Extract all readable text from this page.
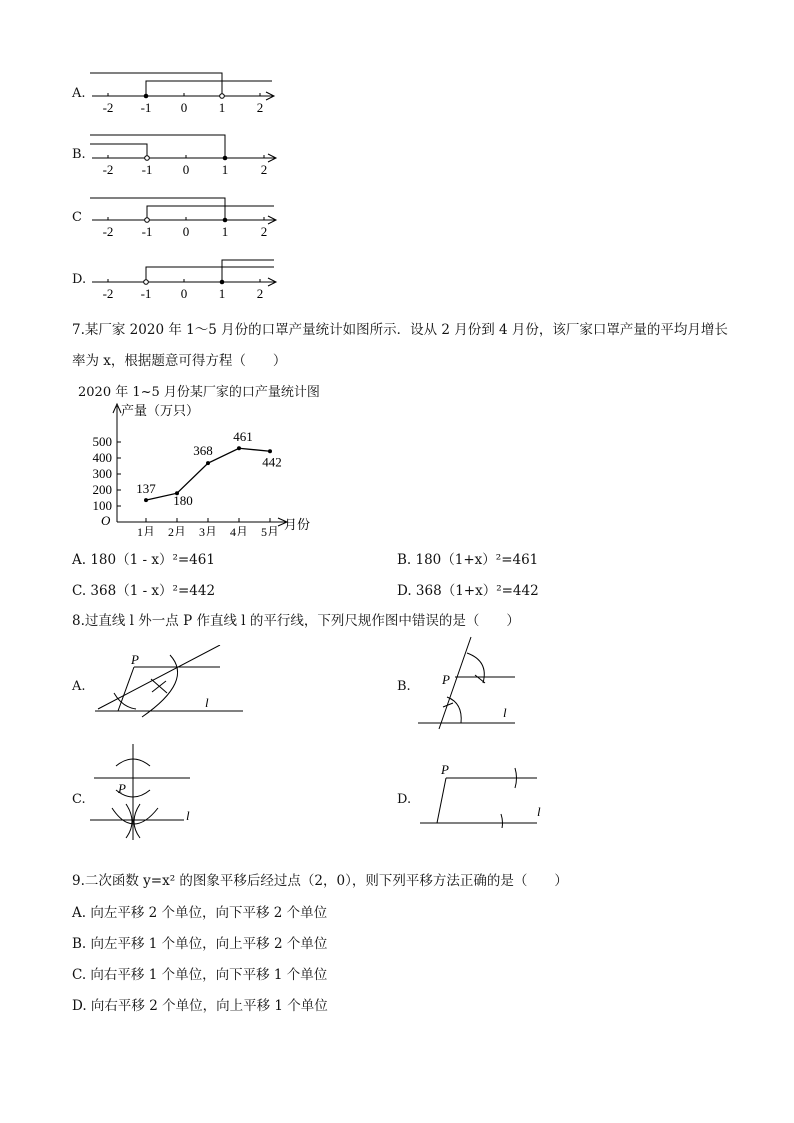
A.
-2 -1 0 1 2
B.
-2 -1 0	1	2
C
-2 -1 0	1	2
D.
-2 -1 0 1 2
7.某厂家 2020 年 1～5 月份的口罩产量统计如图所示．设从 2 月份到 4 月份，该厂家口罩产量的平均月增长
率为 x，根据题意可得方程（　　）
2020 年 1~5 月份某厂家的口产量统计图
产量（万只）
月份
O
100
200
300
400
500
1月 2月 3月 4月 5月
137
180
368
461
442
A. 180（1 - x）²=461	B. 180（1+x）²=461
C. 368（1 - x）²=442	D. 368（1+x）²=442
8.过直线 l 外一点 P 作直线 l 的平行线，下列尺规作图中错误的是（　　）
A.
P
l
B. P
l
C.
P
l
D.
P
l
9.二次函数 y=x² 的图象平移后经过点（2，0），则下列平移方法正确的是（　　）
A. 向左平移 2 个单位，向下平移 2 个单位
B. 向左平移 1 个单位，向上平移 2 个单位
C. 向右平移 1 个单位，向下平移 1 个单位
D. 向右平移 2 个单位，向上平移 1 个单位
